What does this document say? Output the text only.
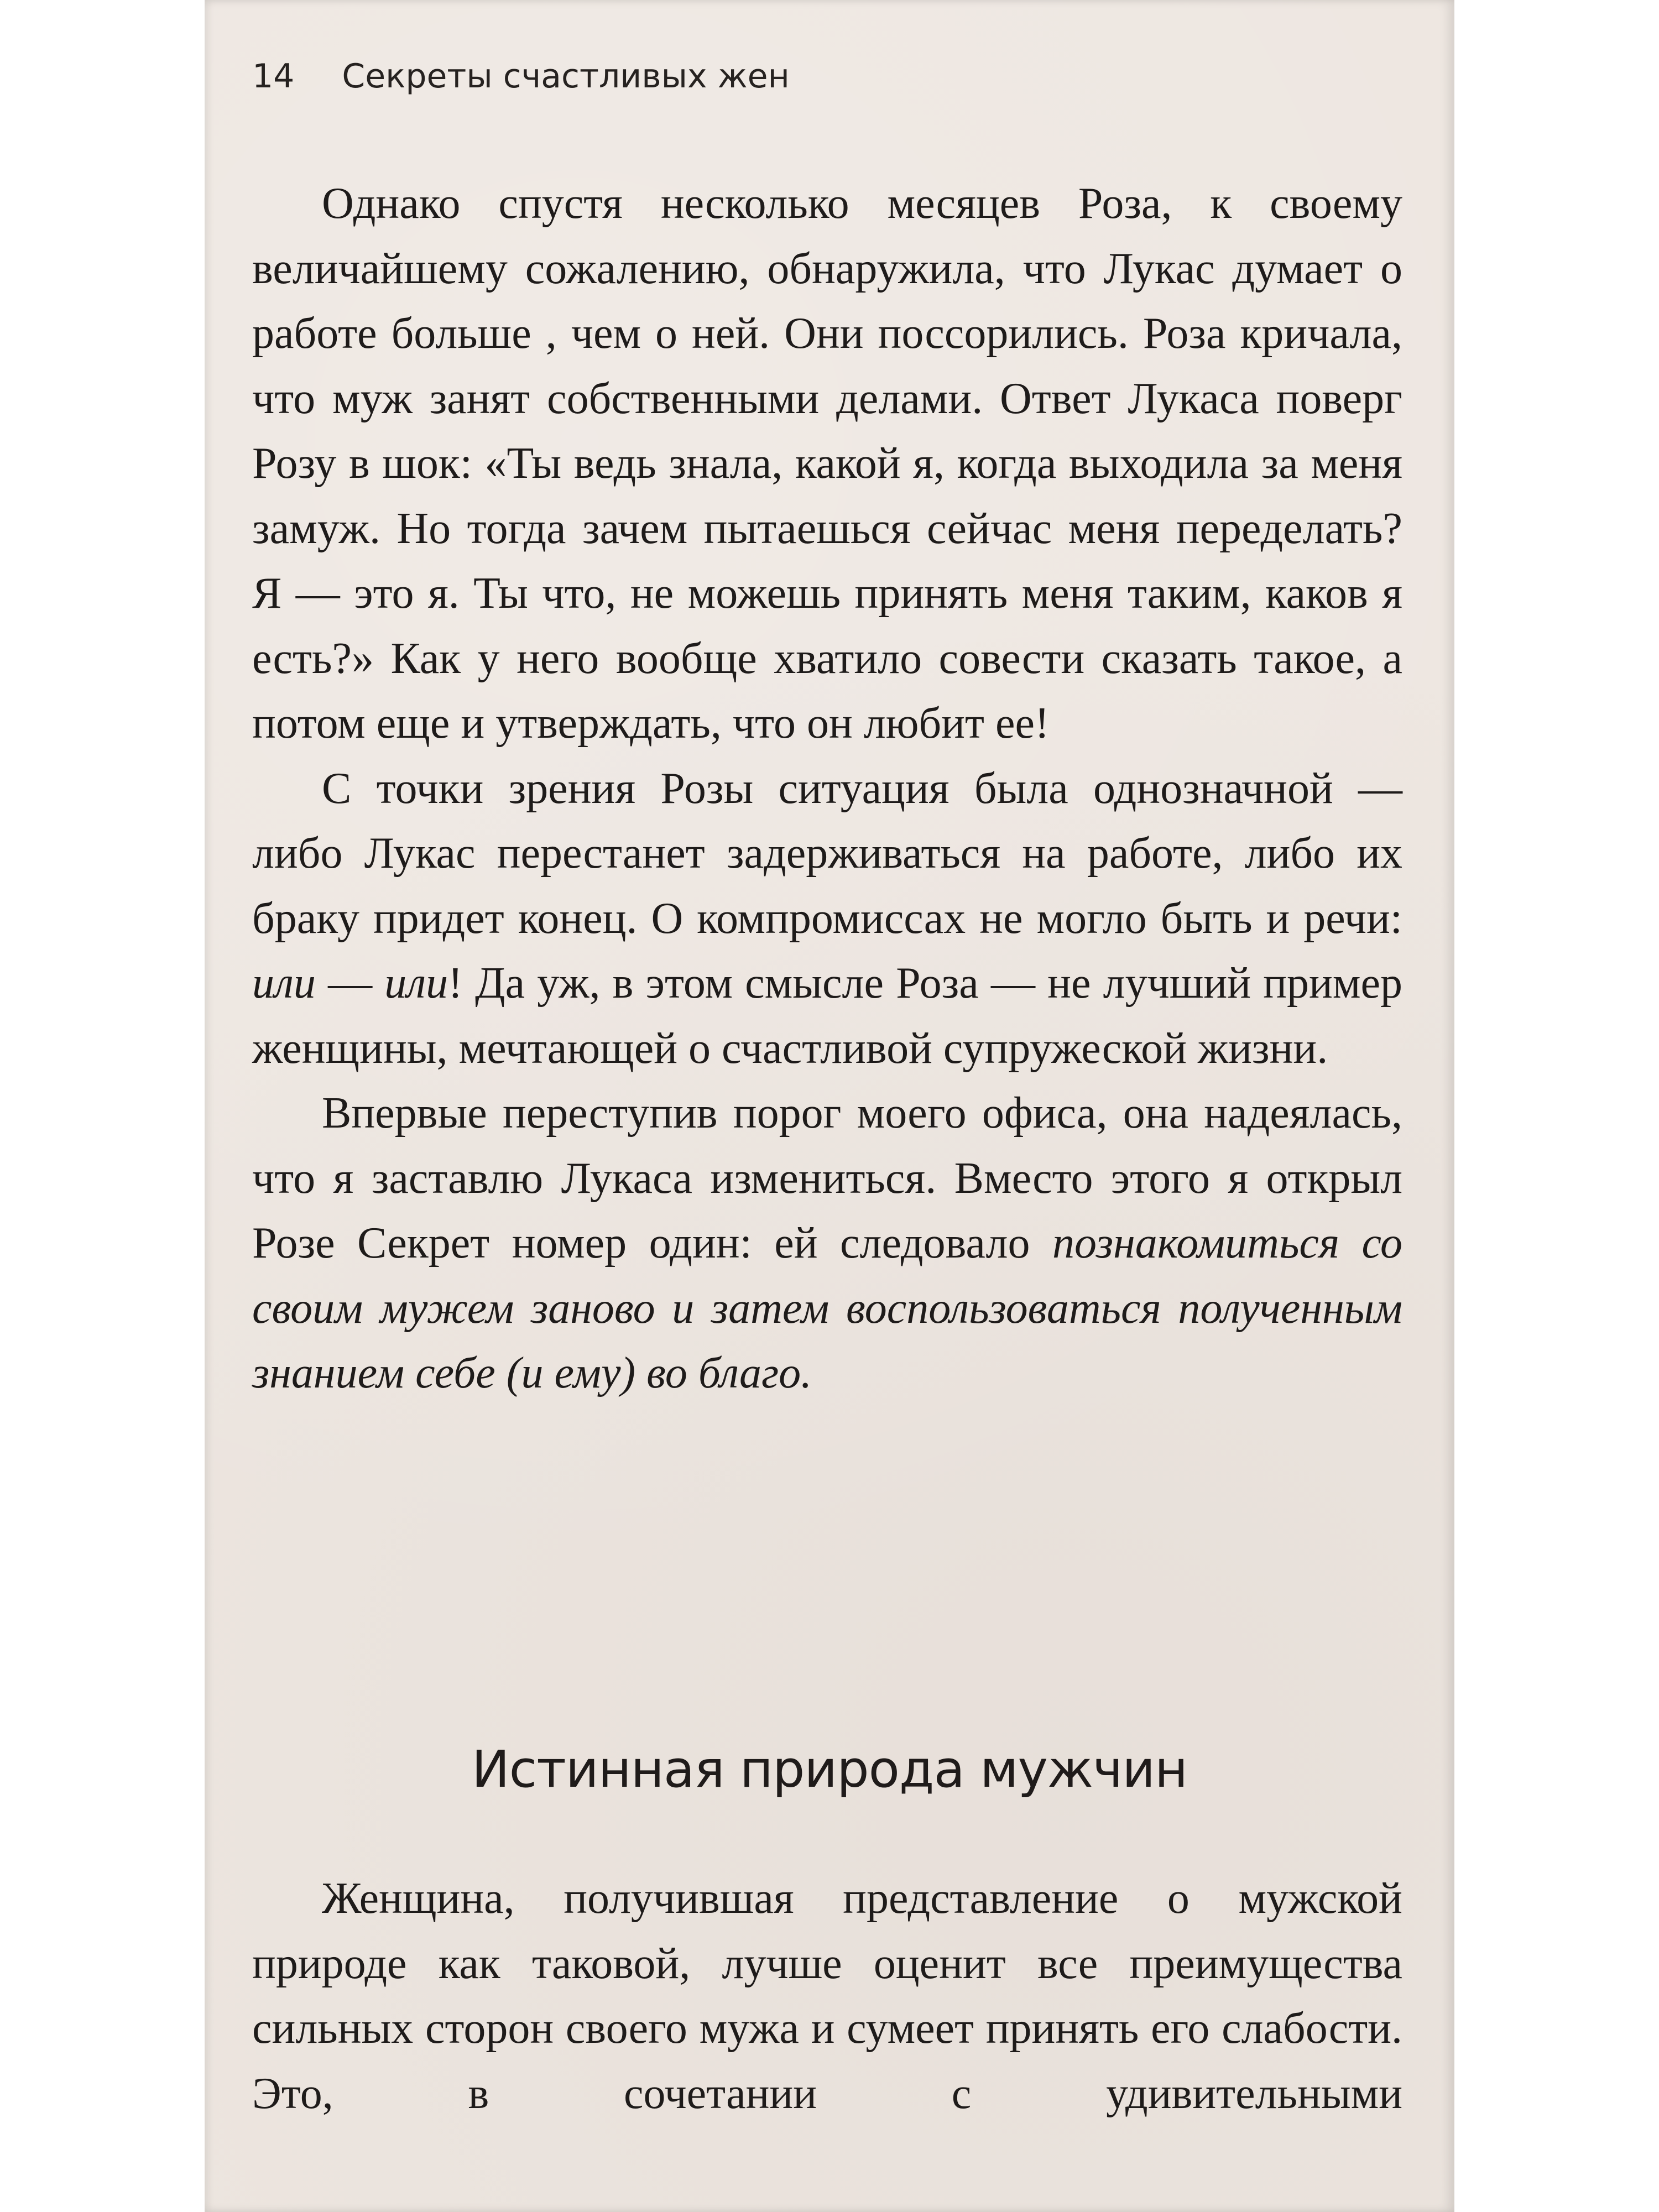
14 Секреты счастливых жен

Однако спустя несколько месяцев Роза, к своему величайшему сожалению, обнаружила, что Лукас думает о работе больше , чем о ней. Они поссорились. Роза кричала, что муж занят собственными делами. Ответ Лукаса поверг Розу в шок: «Ты ведь знала, какой я, когда выходила за меня замуж. Но тогда зачем пытаешься сейчас меня переделать? Я — это я. Ты что, не можешь принять меня таким, каков я есть?» Как у него вообще хватило совести сказать такое, а потом еще и утверждать, что он любит ее!

С точки зрения Розы ситуация была однозначной — либо Лукас перестанет задерживаться на работе, либо их браку придет конец. О компромиссах не могло быть и речи: или — или! Да уж, в этом смысле Роза — не лучший пример женщины, мечтающей о счастливой супружеской жизни.

Впервые переступив порог моего офиса, она надеялась, что я заставлю Лукаса измениться. Вместо этого я открыл Розе Секрет номер один: ей следовало познакомиться со своим мужем заново и затем воспользоваться полученным знанием себе (и ему) во благо.

Истинная природа мужчин

Женщина, получившая представление о мужской природе как таковой, лучше оценит все преимущества сильных сторон своего мужа и сумеет принять его слабости. Это, в сочетании с удивительными
